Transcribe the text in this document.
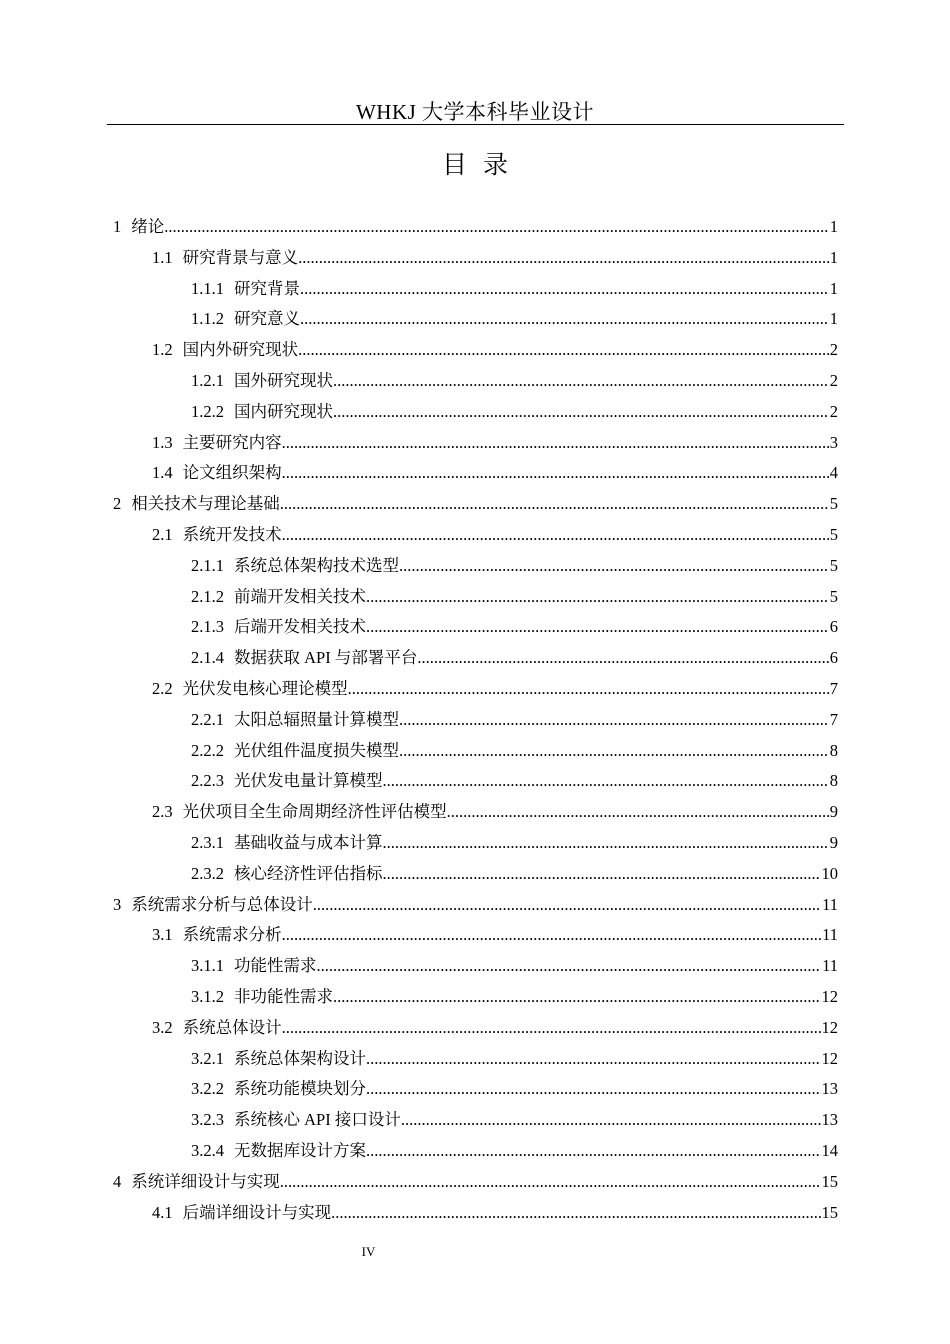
WHKJ 大学本科毕业设计
目录
1 绪论 .....	1
1.1 研究背景与意义 .....	1
1.1.1 研究背景 .....	1
1.1.2 研究意义 .....	1
1.2 国内外研究现状 .....	2
1.2.1 国外研究现状 .....	2
1.2.2 国内研究现状 .....	2
1.3 主要研究内容 .....	3
1.4 论文组织架构 .....	4
2 相关技术与理论基础 .....	5
2.1 系统开发技术 .....	5
2.1.1 系统总体架构技术选型 .....	5
2.1.2 前端开发相关技术 .....	5
2.1.3 后端开发相关技术 .....	6
2.1.4 数据获取 API 与部署平台 .....	6
2.2 光伏发电核心理论模型 .....	7
2.2.1 太阳总辐照量计算模型 .....	7
2.2.2 光伏组件温度损失模型 .....	8
2.2.3 光伏发电量计算模型 .....	8
2.3 光伏项目全生命周期经济性评估模型 .....	9
2.3.1 基础收益与成本计算 .....	9
2.3.2 核心经济性评估指标 .....	10
3 系统需求分析与总体设计 .....	11
3.1 系统需求分析 .....	11
3.1.1 功能性需求 .....	11
3.1.2 非功能性需求 .....	12
3.2 系统总体设计 .....	12
3.2.1 系统总体架构设计 .....	12
3.2.2 系统功能模块划分 .....	13
3.2.3 系统核心 API 接口设计 .....	13
3.2.4 无数据库设计方案 .....	14
4 系统详细设计与实现 .....	15
4.1 后端详细设计与实现 .....	15
IV
